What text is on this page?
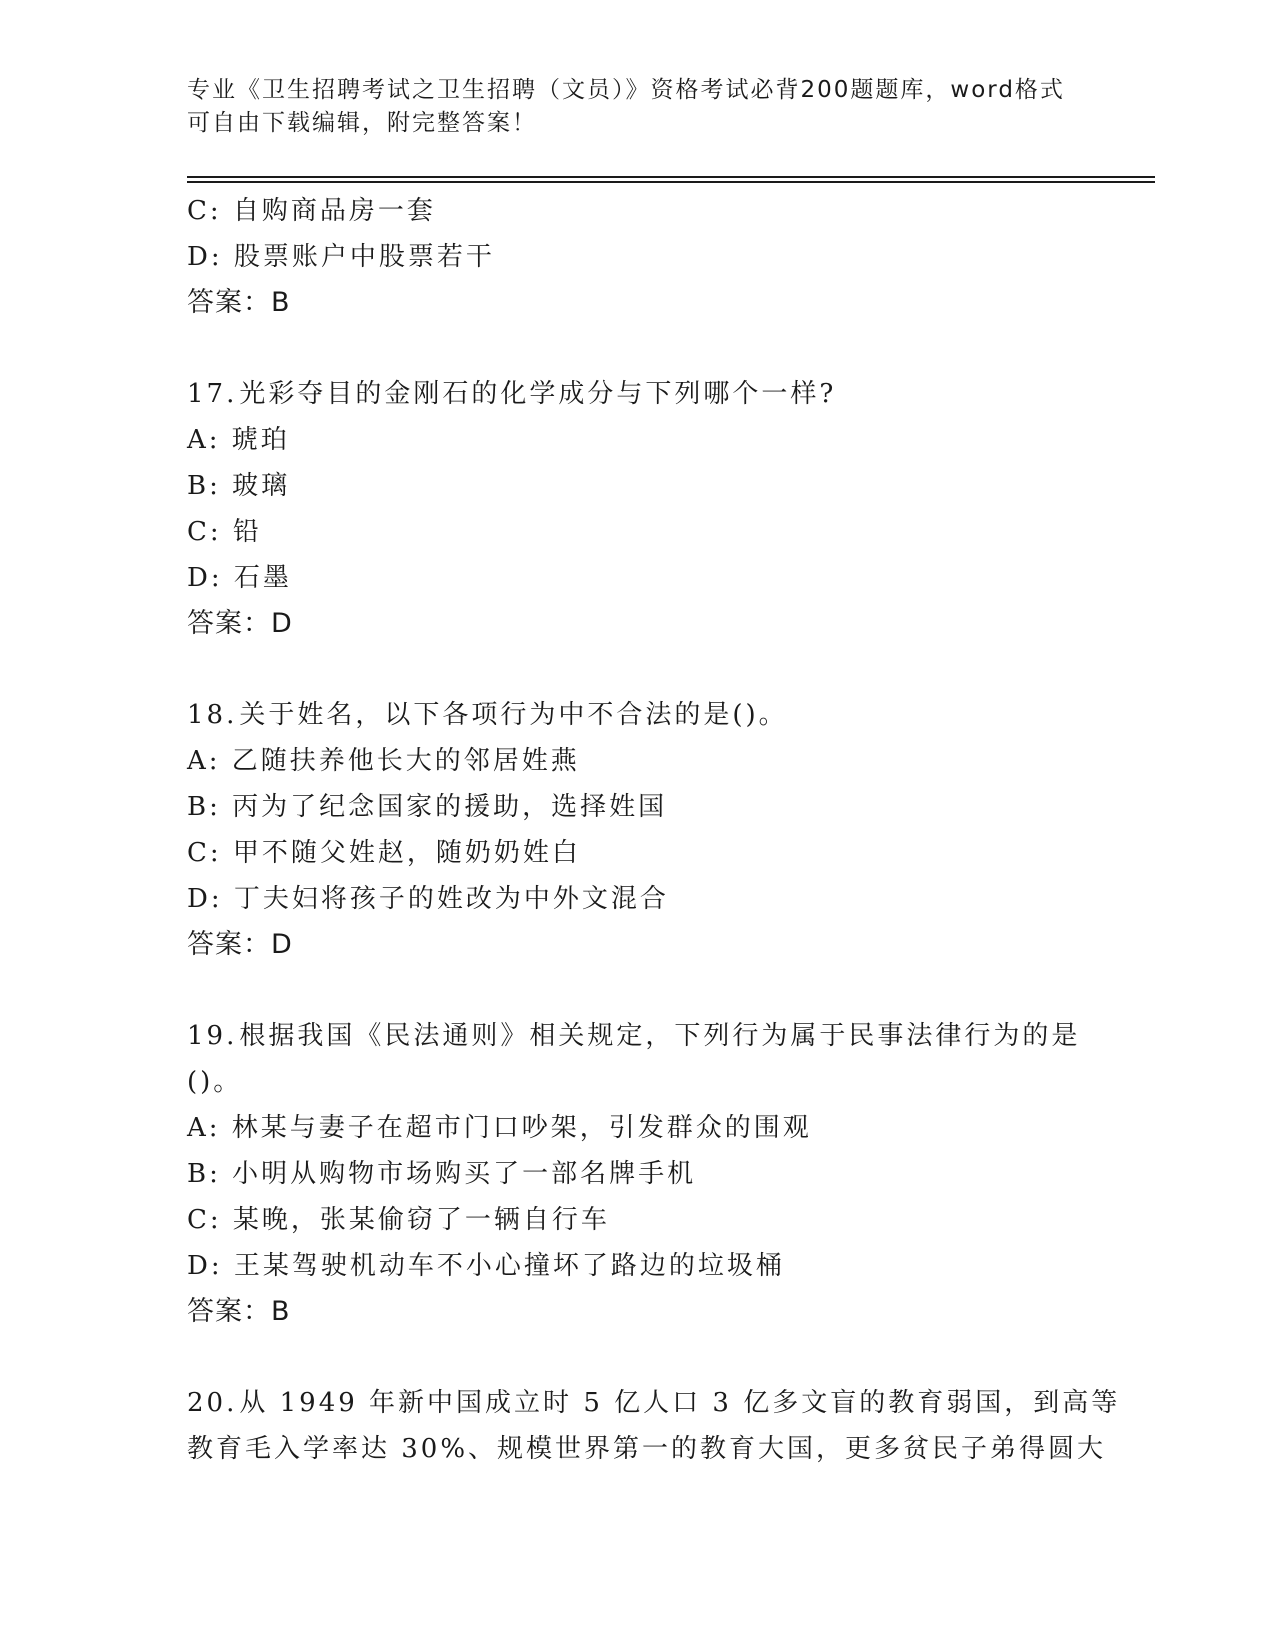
专业《卫生招聘考试之卫生招聘（文员）》资格考试必背200题题库，word格式
可自由下载编辑，附完整答案！
C: 自购商品房一套
D: 股票账户中股票若干
答案：B
17.光彩夺目的金刚石的化学成分与下列哪个一样?
A: 琥珀
B: 玻璃
C: 铅
D: 石墨
答案：D
18.关于姓名，以下各项行为中不合法的是()。
A: 乙随扶养他长大的邻居姓燕
B: 丙为了纪念国家的援助，选择姓国
C: 甲不随父姓赵，随奶奶姓白
D: 丁夫妇将孩子的姓改为中外文混合
答案：D
19.根据我国《民法通则》相关规定，下列行为属于民事法律行为的是
()。
A: 林某与妻子在超市门口吵架，引发群众的围观
B: 小明从购物市场购买了一部名牌手机
C: 某晚，张某偷窃了一辆自行车
D: 王某驾驶机动车不小心撞坏了路边的垃圾桶
答案：B
20.从 1949 年新中国成立时 5 亿人口 3 亿多文盲的教育弱国，到高等
教育毛入学率达 30%、规模世界第一的教育大国，更多贫民子弟得圆大
